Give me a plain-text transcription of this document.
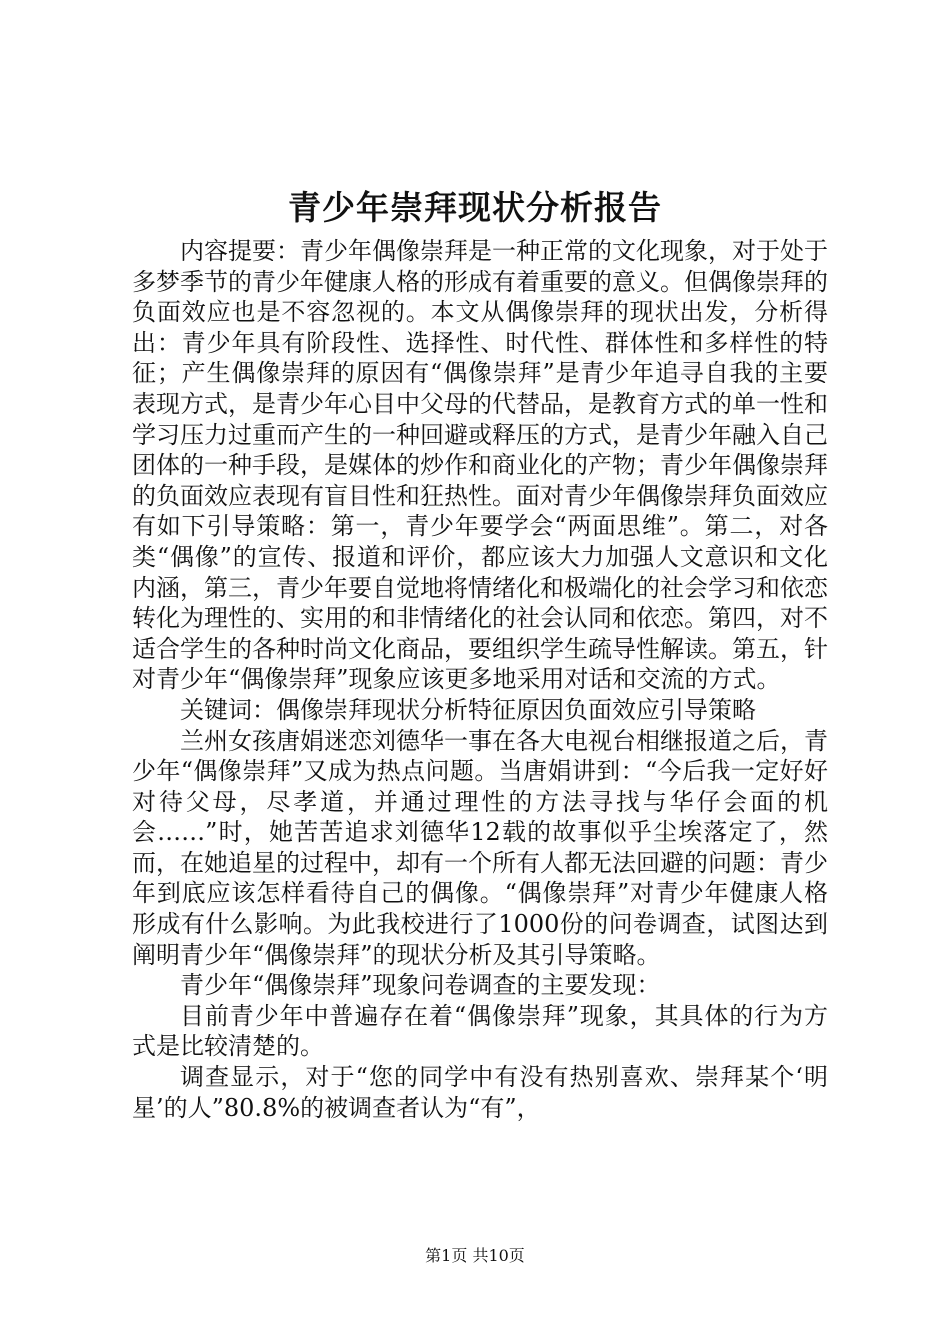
青少年崇拜现状分析报告

内容提要：青少年偶像崇拜是一种正常的文化现象，对于处于多梦季节的青少年健康人格的形成有着重要的意义。但偶像崇拜的负面效应也是不容忽视的。本文从偶像崇拜的现状出发，分析得出：青少年具有阶段性、选择性、时代性、群体性和多样性的特征；产生偶像崇拜的原因有“偶像崇拜”是青少年追寻自我的主要表现方式，是青少年心目中父母的代替品，是教育方式的单一性和学习压力过重而产生的一种回避或释压的方式，是青少年融入自己团体的一种手段，是媒体的炒作和商业化的产物；青少年偶像崇拜的负面效应表现有盲目性和狂热性。面对青少年偶像崇拜负面效应有如下引导策略：第一，青少年要学会“两面思维”。第二，对各类“偶像”的宣传、报道和评价，都应该大力加强人文意识和文化内涵，第三，青少年要自觉地将情绪化和极端化的社会学习和依恋转化为理性的、实用的和非情绪化的社会认同和依恋。第四，对不适合学生的各种时尚文化商品，要组织学生疏导性解读。第五，针对青少年“偶像崇拜”现象应该更多地采用对话和交流的方式。

关键词：偶像崇拜现状分析特征原因负面效应引导策略

兰州女孩唐娟迷恋刘德华一事在各大电视台相继报道之后，青少年“偶像崇拜”又成为热点问题。当唐娟讲到：“今后我一定好好对待父母，尽孝道，并通过理性的方法寻找与华仔会面的机会……”时，她苦苦追求刘德华12载的故事似乎尘埃落定了，然而，在她追星的过程中，却有一个所有人都无法回避的问题：青少年到底应该怎样看待自己的偶像。“偶像崇拜”对青少年健康人格形成有什么影响。为此我校进行了1000份的问卷调查，试图达到阐明青少年“偶像崇拜”的现状分析及其引导策略。

青少年“偶像崇拜”现象问卷调查的主要发现：

目前青少年中普遍存在着“偶像崇拜”现象，其具体的行为方式是比较清楚的。

调查显示，对于“您的同学中有没有热别喜欢、崇拜某个‘明星’的人”80.8%的被调查者认为“有”，

第1页 共10页
